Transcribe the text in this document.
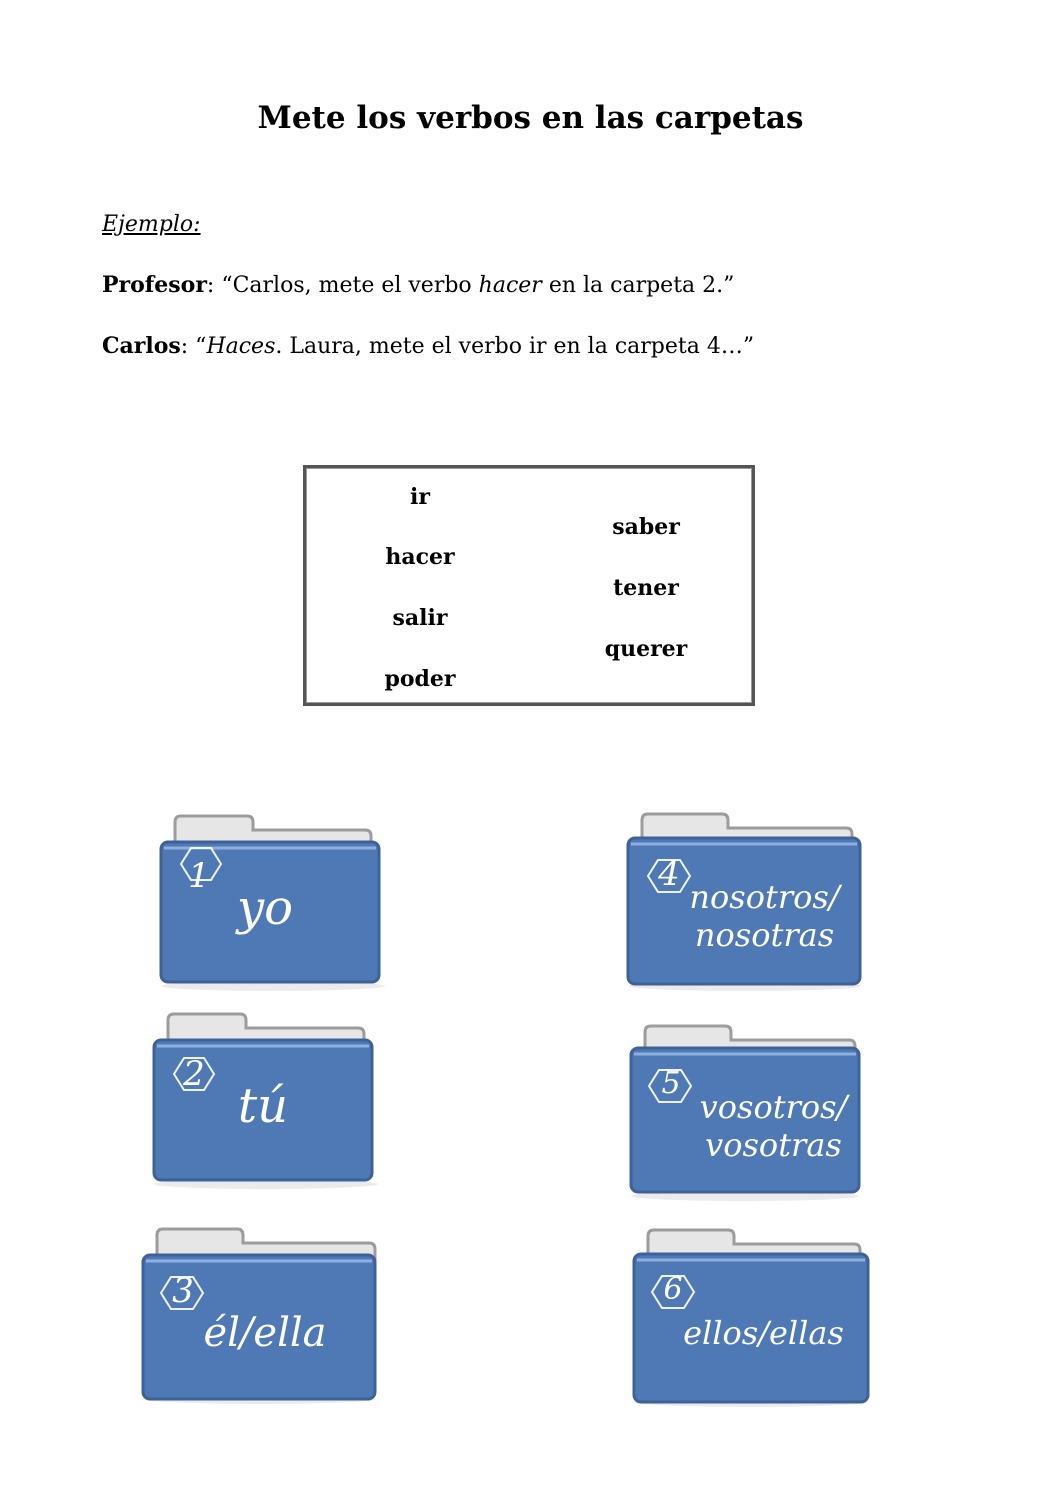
Mete los verbos en las carpetas

Ejemplo:

Profesor: “Carlos, mete el verbo hacer en la carpeta 2.”

Carlos: “Haces. Laura, mete el verbo ir en la carpeta 4…”

ir
hacer
salir
poder
saber
tener
querer
1
yo
2
tú
3
él/ella
4
nosotros/
nosotras
5
vosotros/
vosotras
6
ellos/ellas
